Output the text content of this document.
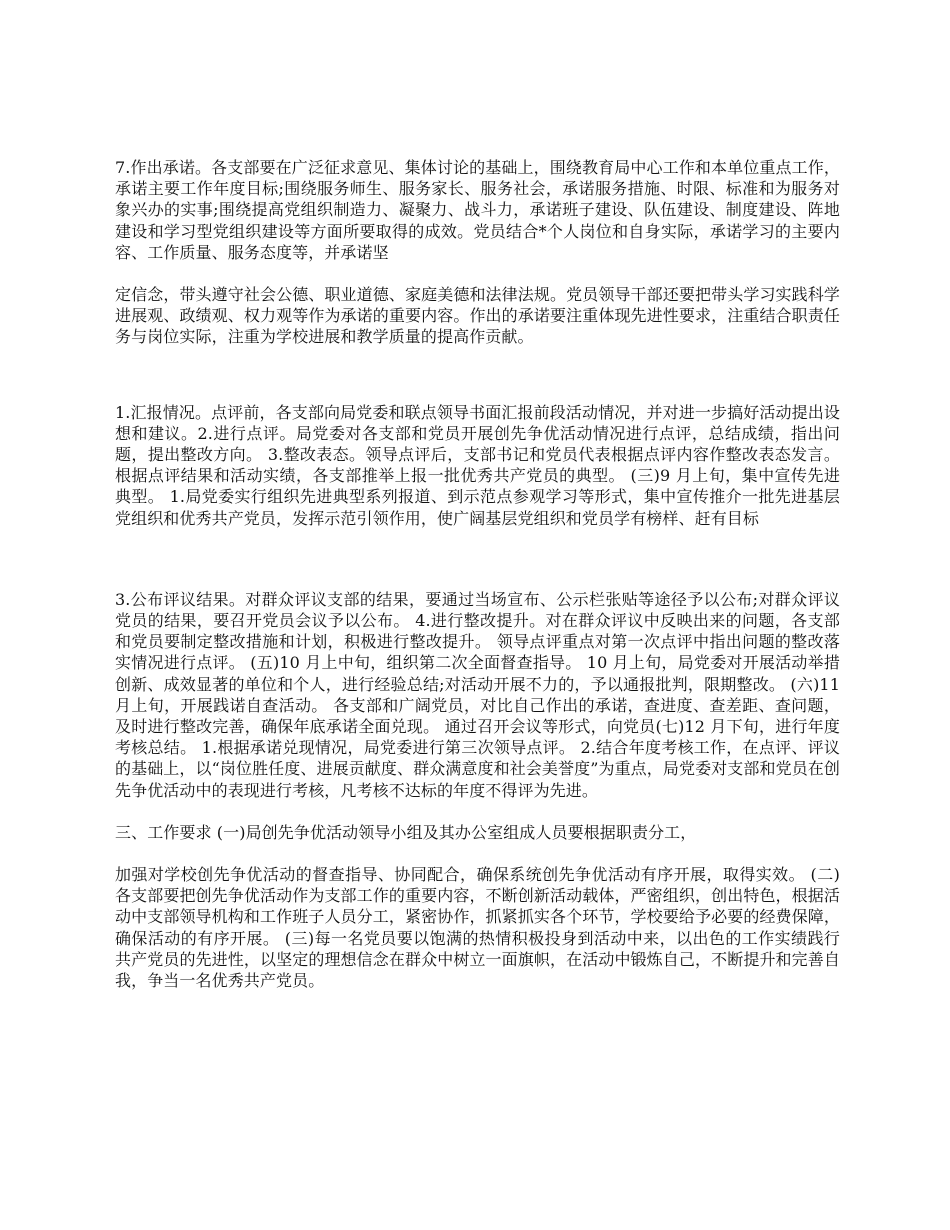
7.作出承诺。各支部要在广泛征求意见、集体讨论的基础上，围绕教育局中心工作和本单位重点工作，承诺主要工作年度目标;围绕服务师生、服务家长、服务社会，承诺服务措施、时限、标准和为服务对象兴办的实事;围绕提高党组织制造力、凝聚力、战斗力，承诺班子建设、队伍建设、制度建设、阵地建设和学习型党组织建设等方面所要取得的成效。党员结合*个人岗位和自身实际，承诺学习的主要内容、工作质量、服务态度等，并承诺坚

定信念，带头遵守社会公德、职业道德、家庭美德和法律法规。党员领导干部还要把带头学习实践科学进展观、政绩观、权力观等作为承诺的重要内容。作出的承诺要注重体现先进性要求，注重结合职责任务与岗位实际，注重为学校进展和教学质量的提高作贡献。

1.汇报情况。点评前，各支部向局党委和联点领导书面汇报前段活动情况，并对进一步搞好活动提出设想和建议。2.进行点评。局党委对各支部和党员开展创先争优活动情况进行点评，总结成绩，指出问题，提出整改方向。 3.整改表态。领导点评后，支部书记和党员代表根据点评内容作整改表态发言。 根据点评结果和活动实绩，各支部推举上报一批优秀共产党员的典型。 (三)9 月上旬，集中宣传先进典型。 1.局党委实行组织先进典型系列报道、到示范点参观学习等形式，集中宣传推介一批先进基层党组织和优秀共产党员，发挥示范引领作用，使广阔基层党组织和党员学有榜样、赶有目标

3.公布评议结果。对群众评议支部的结果，要通过当场宣布、公示栏张贴等途径予以公布;对群众评议党员的结果，要召开党员会议予以公布。 4.进行整改提升。对在群众评议中反映出来的问题，各支部和党员要制定整改措施和计划，积极进行整改提升。 领导点评重点对第一次点评中指出问题的整改落实情况进行点评。 (五)10 月上中旬，组织第二次全面督查指导。 10 月上旬，局党委对开展活动举措创新、成效显著的单位和个人，进行经验总结;对活动开展不力的，予以通报批判，限期整改。 (六)11 月上旬，开展践诺自查活动。 各支部和广阔党员，对比自己作出的承诺，查进度、查差距、查问题，及时进行整改完善，确保年底承诺全面兑现。 通过召开会议等形式，向党员(七)12 月下旬，进行年度考核总结。 1.根据承诺兑现情况，局党委进行第三次领导点评。 2.结合年度考核工作，在点评、评议的基础上，以“岗位胜任度、进展贡献度、群众满意度和社会美誉度”为重点，局党委对支部和党员在创先争优活动中的表现进行考核，凡考核不达标的年度不得评为先进。

三、工作要求 (一)局创先争优活动领导小组及其办公室组成人员要根据职责分工，

加强对学校创先争优活动的督查指导、协同配合，确保系统创先争优活动有序开展，取得实效。 (二)各支部要把创先争优活动作为支部工作的重要内容，不断创新活动载体，严密组织，创出特色，根据活动中支部领导机构和工作班子人员分工，紧密协作，抓紧抓实各个环节，学校要给予必要的经费保障，确保活动的有序开展。 (三)每一名党员要以饱满的热情积极投身到活动中来，以出色的工作实绩践行共产党员的先进性，以坚定的理想信念在群众中树立一面旗帜，在活动中锻炼自己，不断提升和完善自我，争当一名优秀共产党员。
